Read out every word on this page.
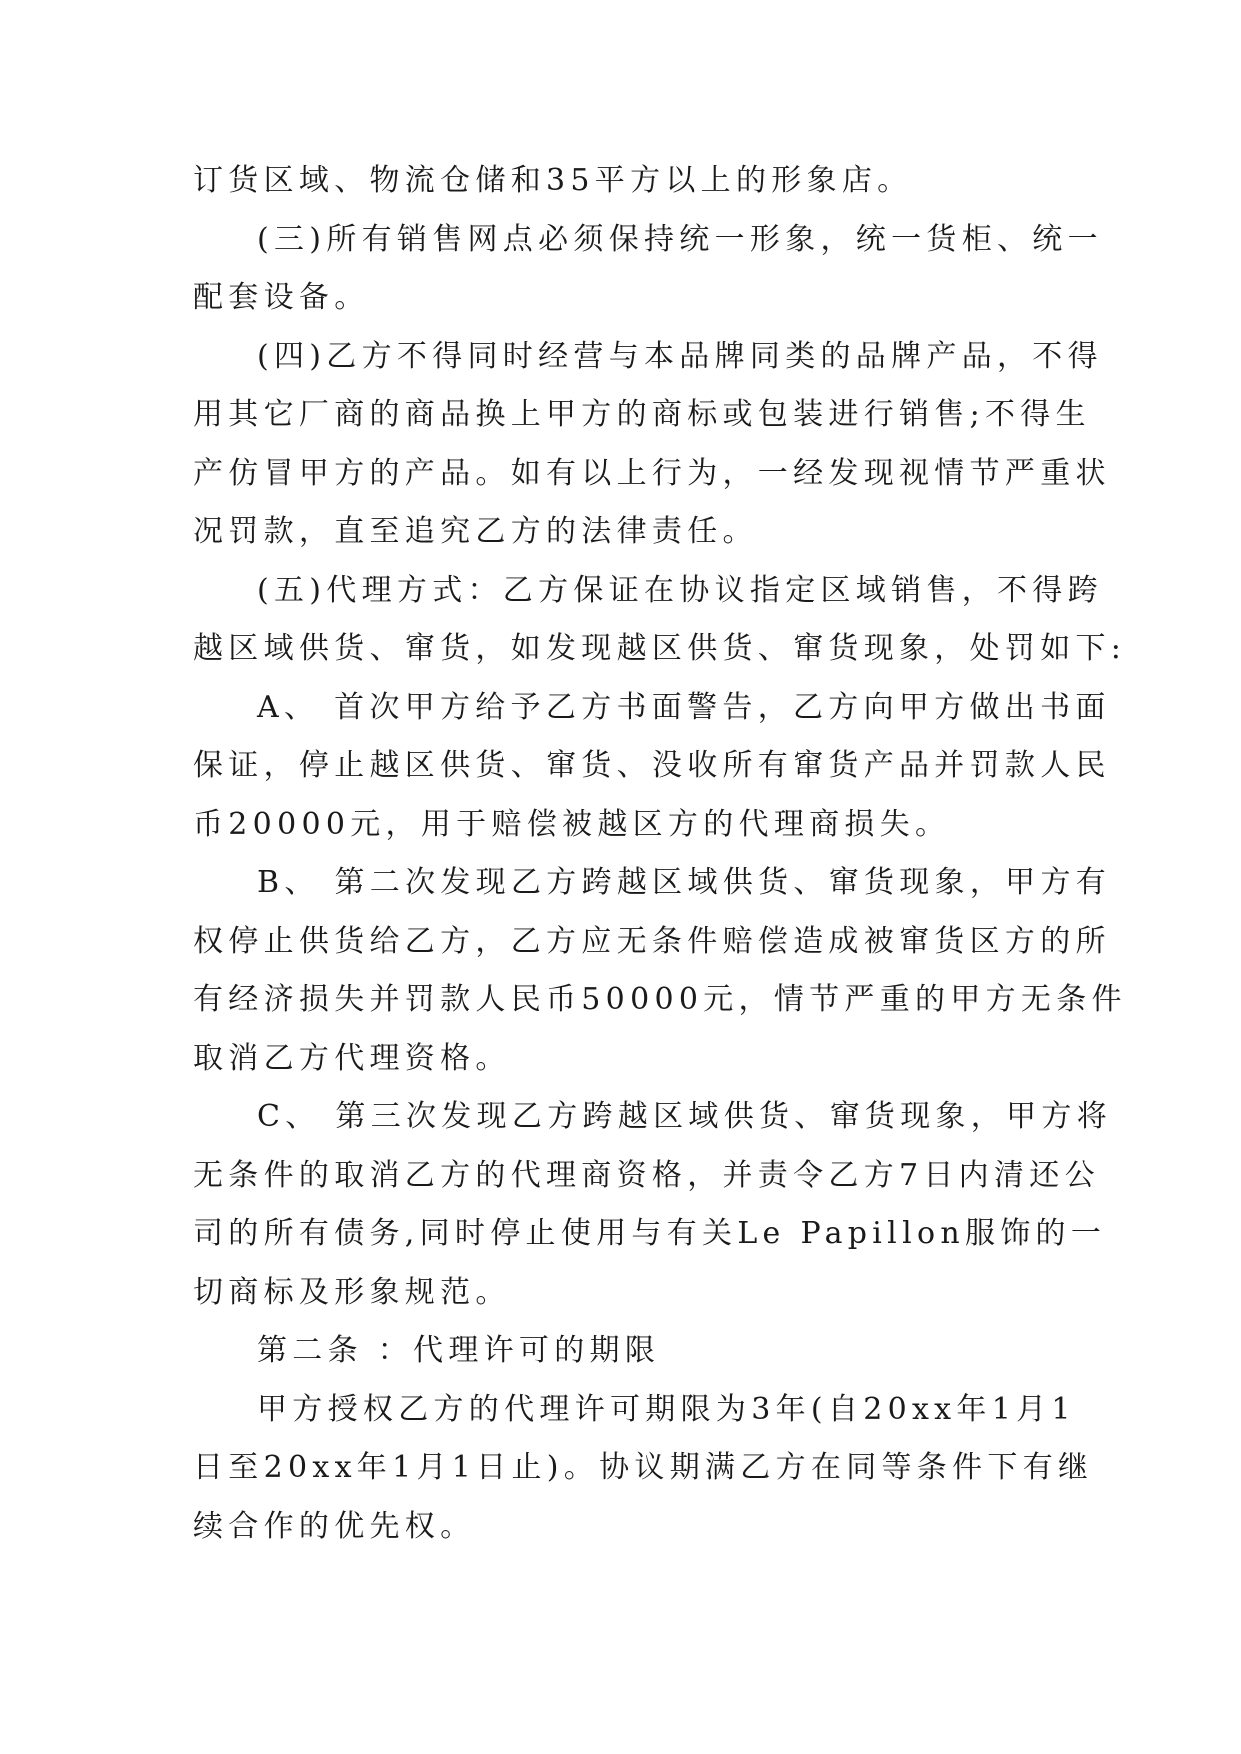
订货区域、物流仓储和35平方以上的形象店。
(三)所有销售网点必须保持统一形象，统一货柜、统一
配套设备。
(四)乙方不得同时经营与本品牌同类的品牌产品，不得
用其它厂商的商品换上甲方的商标或包装进行销售;不得生
产仿冒甲方的产品。如有以上行为，一经发现视情节严重状
况罚款，直至追究乙方的法律责任。
(五)代理方式：乙方保证在协议指定区域销售，不得跨
越区域供货、窜货，如发现越区供货、窜货现象，处罚如下:
A、 首次甲方给予乙方书面警告，乙方向甲方做出书面
保证，停止越区供货、窜货、没收所有窜货产品并罚款人民
币20000元，用于赔偿被越区方的代理商损失。
B、 第二次发现乙方跨越区域供货、窜货现象，甲方有
权停止供货给乙方，乙方应无条件赔偿造成被窜货区方的所
有经济损失并罚款人民币50000元，情节严重的甲方无条件
取消乙方代理资格。
C、 第三次发现乙方跨越区域供货、窜货现象，甲方将
无条件的取消乙方的代理商资格，并责令乙方7日内清还公
司的所有债务,同时停止使用与有关Le Papillon服饰的一
切商标及形象规范。
第二条 ：代理许可的期限
甲方授权乙方的代理许可期限为3年(自20xx年1月1
日至20xx年1月1日止)。协议期满乙方在同等条件下有继
续合作的优先权。
